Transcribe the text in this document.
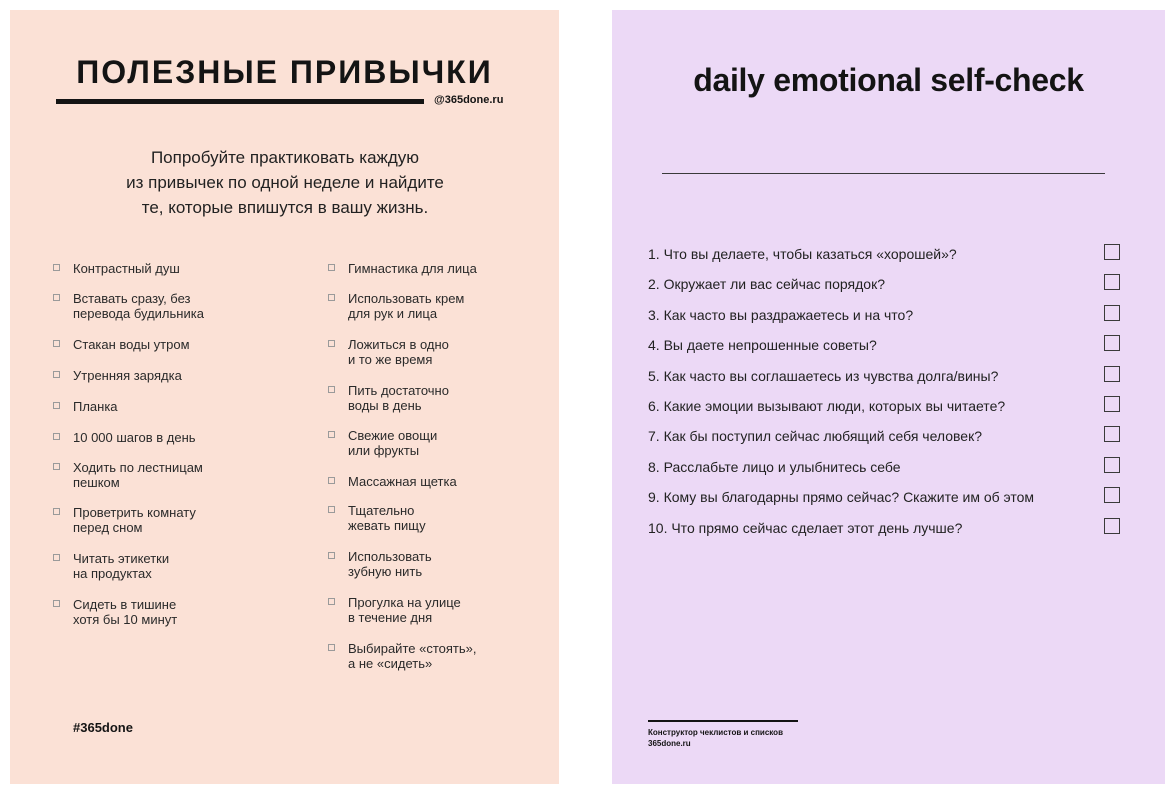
ПОЛЕЗНЫЕ ПРИВЫЧКИ
@365done.ru
Попробуйте практиковать каждую
из привычек по одной неделе и найдите
те, которые впишутся в вашу жизнь.
Контрастный душ
Вставать сразу, без
перевода будильника
Стакан воды утром
Утренняя зарядка
Планка
10 000 шагов в день
Ходить по лестницам
пешком
Проветрить комнату
перед сном
Читать этикетки
на продуктах
Сидеть в тишине
хотя бы 10 минут
Гимнастика для лица
Использовать крем
для рук и лица
Ложиться в одно
и то же время
Пить достаточно
воды в день
Свежие овощи
или фрукты
Массажная щетка
Тщательно
жевать пищу
Использовать
зубную нить
Прогулка на улице
в течение дня
Выбирайте «стоять»,
а не «сидеть»
#365done
daily emotional self-check
1. Что вы делаете, чтобы казаться «хорошей»?
2. Окружает ли вас сейчас порядок?
3. Как часто вы раздражаетесь и на что?
4. Вы даете непрошенные советы?
5. Как часто вы соглашаетесь из чувства долга/вины?
6. Какие эмоции вызывают люди, которых вы читаете?
7. Как бы поступил сейчас любящий себя человек?
8. Расслабьте лицо и улыбнитесь себе
9. Кому вы благодарны прямо сейчас? Скажите им об этом
10. Что прямо сейчас сделает этот день лучше?
Конструктор чеклистов и списков
365done.ru
